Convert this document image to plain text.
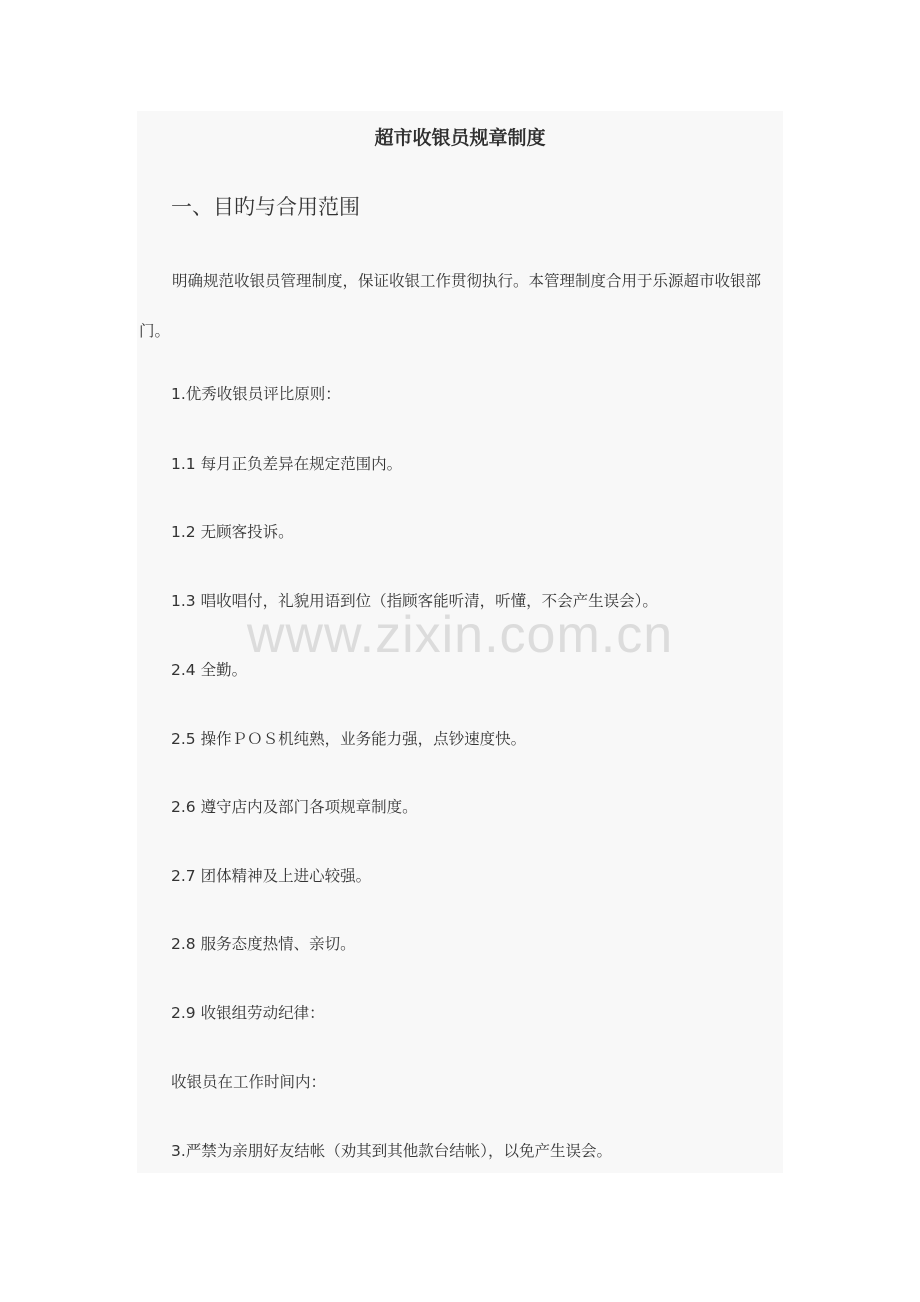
超市收银员规章制度
一、目旳与合用范围

明确规范收银员管理制度，保证收银工作贯彻执行。本管理制度合用于乐源超市收银部门。

1.优秀收银员评比原则：

1.1 每月正负差异在规定范围内。

1.2 无顾客投诉。

1.3 唱收唱付，礼貌用语到位（指顾客能听清，听懂，不会产生误会）。

2.4 全勤。

2.5 操作ＰＯＳ机纯熟，业务能力强，点钞速度快。

2.6 遵守店内及部门各项规章制度。

2.7 团体精神及上进心较强。

2.8 服务态度热情、亲切。

2.9 收银组劳动纪律：

收银员在工作时间内：

3.严禁为亲朋好友结帐（劝其到其他款台结帐），以免产生误会。

www.zixin.com.cn
